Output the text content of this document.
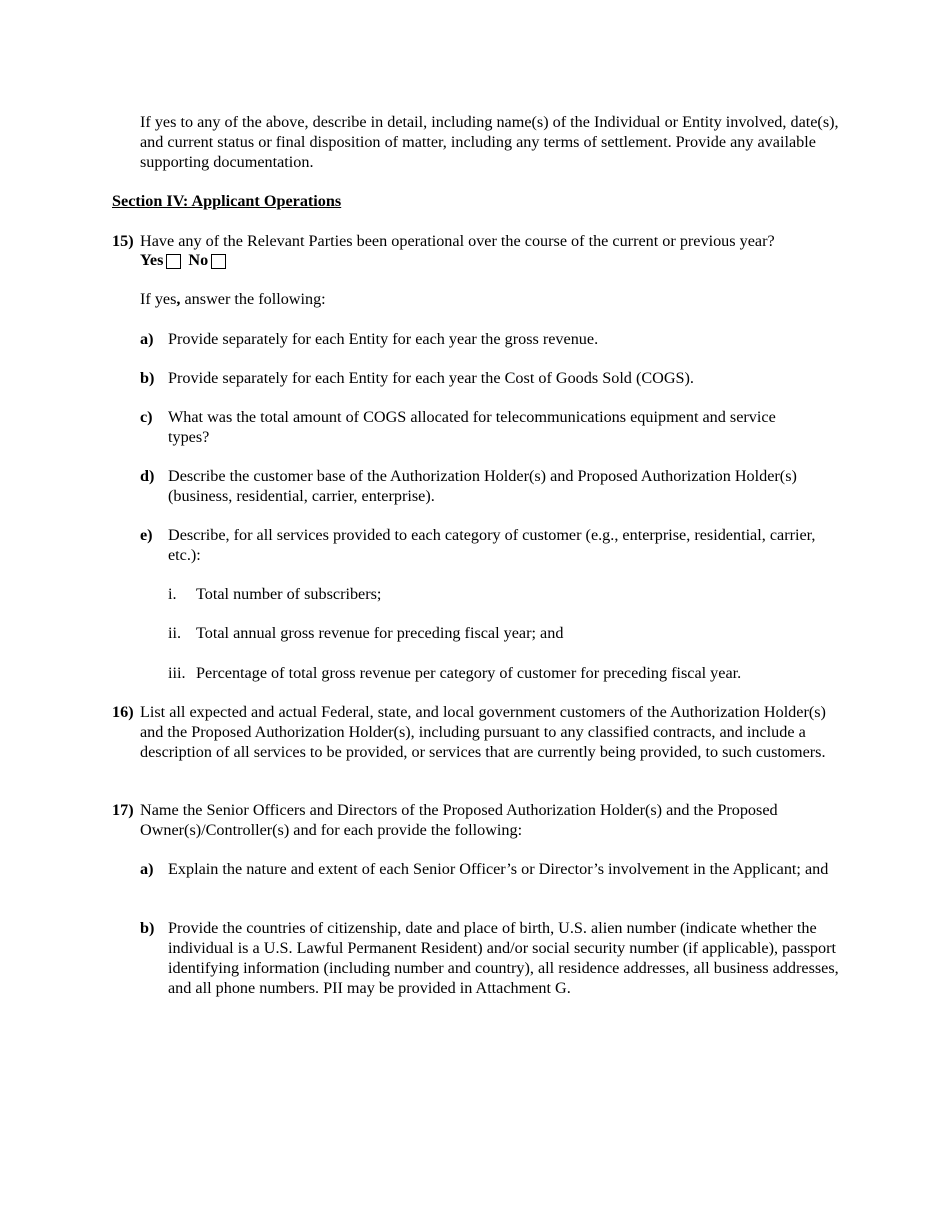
If yes to any of the above, describe in detail, including name(s) of the Individual or Entity involved, date(s), and current status or final disposition of matter, including any terms of settlement. Provide any available supporting documentation.

Section IV: Applicant Operations
15) Have any of the Relevant Parties been operational over the course of the current or previous year?

Yes No

If yes, answer the following:

a) Provide separately for each Entity for each year the gross revenue.

b) Provide separately for each Entity for each year the Cost of Goods Sold (COGS).

c) What was the total amount of COGS allocated for telecommunications equipment and service types?

d) Describe the customer base of the Authorization Holder(s) and Proposed Authorization Holder(s) (business, residential, carrier, enterprise).

e) Describe, for all services provided to each category of customer (e.g., enterprise, residential, carrier, etc.):

i. Total number of subscribers;

ii. Total annual gross revenue for preceding fiscal year; and

iii. Percentage of total gross revenue per category of customer for preceding fiscal year.

16) List all expected and actual Federal, state, and local government customers of the Authorization Holder(s) and the Proposed Authorization Holder(s), including pursuant to any classified contracts, and include a description of all services to be provided, or services that are currently being provided, to such customers.

17) Name the Senior Officers and Directors of the Proposed Authorization Holder(s) and the Proposed Owner(s)/Controller(s) and for each provide the following:

a) Explain the nature and extent of each Senior Officer’s or Director’s involvement in the Applicant; and

b) Provide the countries of citizenship, date and place of birth, U.S. alien number (indicate whether the individual is a U.S. Lawful Permanent Resident) and/or social security number (if applicable), passport identifying information (including number and country), all residence addresses, all business addresses, and all phone numbers. PII may be provided in Attachment G.
